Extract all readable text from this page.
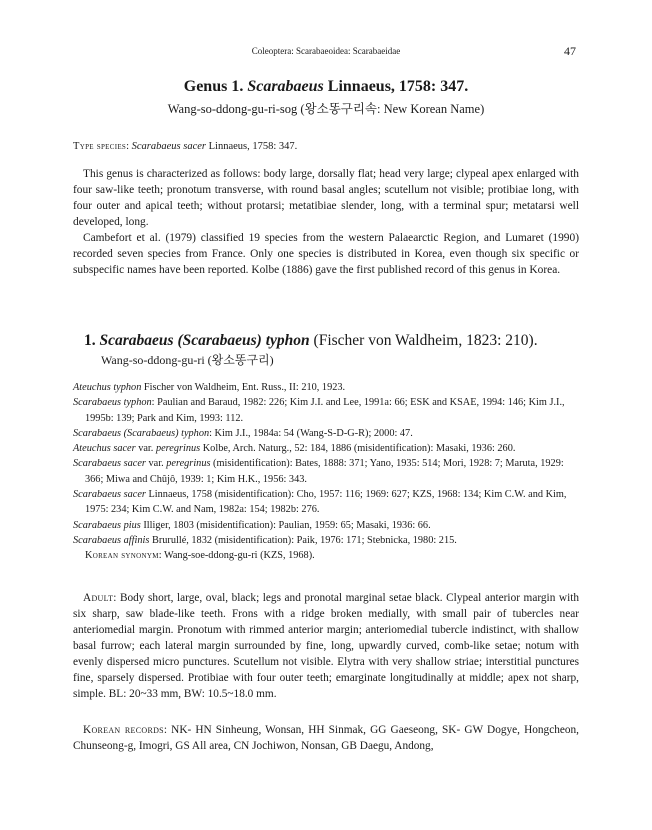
Coleoptera: Scarabaeoidea: Scarabaeidae	47
Genus 1. Scarabaeus Linnaeus, 1758: 347.
Wang-so-ddong-gu-ri-sog (왕소똥구리속: New Korean Name)
Type species: Scarabaeus sacer Linnaeus, 1758: 347.

This genus is characterized as follows: body large, dorsally flat; head very large; clypeal apex enlarged with four saw-like teeth; pronotum transverse, with round basal angles; scutellum not visible; protibiae long, with four outer and apical teeth; without protarsi; metatibiae slender, long, with a terminal spur; metatarsi well developed, long.

Cambefort et al. (1979) classified 19 species from the western Palaearctic Region, and Lumaret (1990) recorded seven species from France. Only one species is distributed in Korea, even though six specific or subspecific names have been reported. Kolbe (1886) gave the first published record of this genus in Korea.

1. Scarabaeus (Scarabaeus) typhon (Fischer von Waldheim, 1823: 210).
Wang-so-ddong-gu-ri (왕소똥구리)
Ateuchus typhon Fischer von Waldheim, Ent. Russ., II: 210, 1923.
Scarabaeus typhon: Paulian and Baraud, 1982: 226; Kim J.I. and Lee, 1991a: 66; ESK and KSAE, 1994: 146; Kim J.I., 1995b: 139; Park and Kim, 1993: 112.
Scarabaeus (Scarabaeus) typhon: Kim J.I., 1984a: 54 (Wang-S-D-G-R); 2000: 47.
Ateuchus sacer var. peregrinus Kolbe, Arch. Naturg., 52: 184, 1886 (misidentification): Masaki, 1936: 260.
Scarabaeus sacer var. peregrinus (misidentification): Bates, 1888: 371; Yano, 1935: 514; Mori, 1928: 7; Maruta, 1929: 366; Miwa and Chûjô, 1939: 1; Kim H.K., 1956: 343.
Scarabaeus sacer Linnaeus, 1758 (misidentification): Cho, 1957: 116; 1969: 627; KZS, 1968: 134; Kim C.W. and Kim, 1975: 234; Kim C.W. and Nam, 1982a: 154; 1982b: 276.
Scarabaeus pius Illiger, 1803 (misidentification): Paulian, 1959: 65; Masaki, 1936: 66.
Scarabaeus affinis Brurullé, 1832 (misidentification): Paik, 1976: 171; Stebnicka, 1980: 215.
Korean synonym: Wang-soe-ddong-gu-ri (KZS, 1968).

Adult: Body short, large, oval, black; legs and pronotal marginal setae black. Clypeal anterior margin with six sharp, saw blade-like teeth. Frons with a ridge broken medially, with small pair of tubercles near anteriomedial margin. Pronotum with rimmed anterior margin; anteriomedial tubercle indistinct, with shallow basal furrow; each lateral margin surrounded by fine, long, upwardly curved, comb-like setae; notum with evenly dispersed micro punctures. Scutellum not visible. Elytra with very shallow striae; interstitial punctures fine, sparsely dispersed. Protibiae with four outer teeth; emarginate longitudinally at middle; apex not sharp, simple. BL: 20~33 mm, BW: 10.5~18.0 mm.

Korean records: NK- HN Sinheung, Wonsan, HH Sinmak, GG Gaeseong, SK- GW Dogye, Hongcheon, Chunseong-g, Imogri, GS All area, CN Jochiwon, Nonsan, GB Daegu, Andong,
